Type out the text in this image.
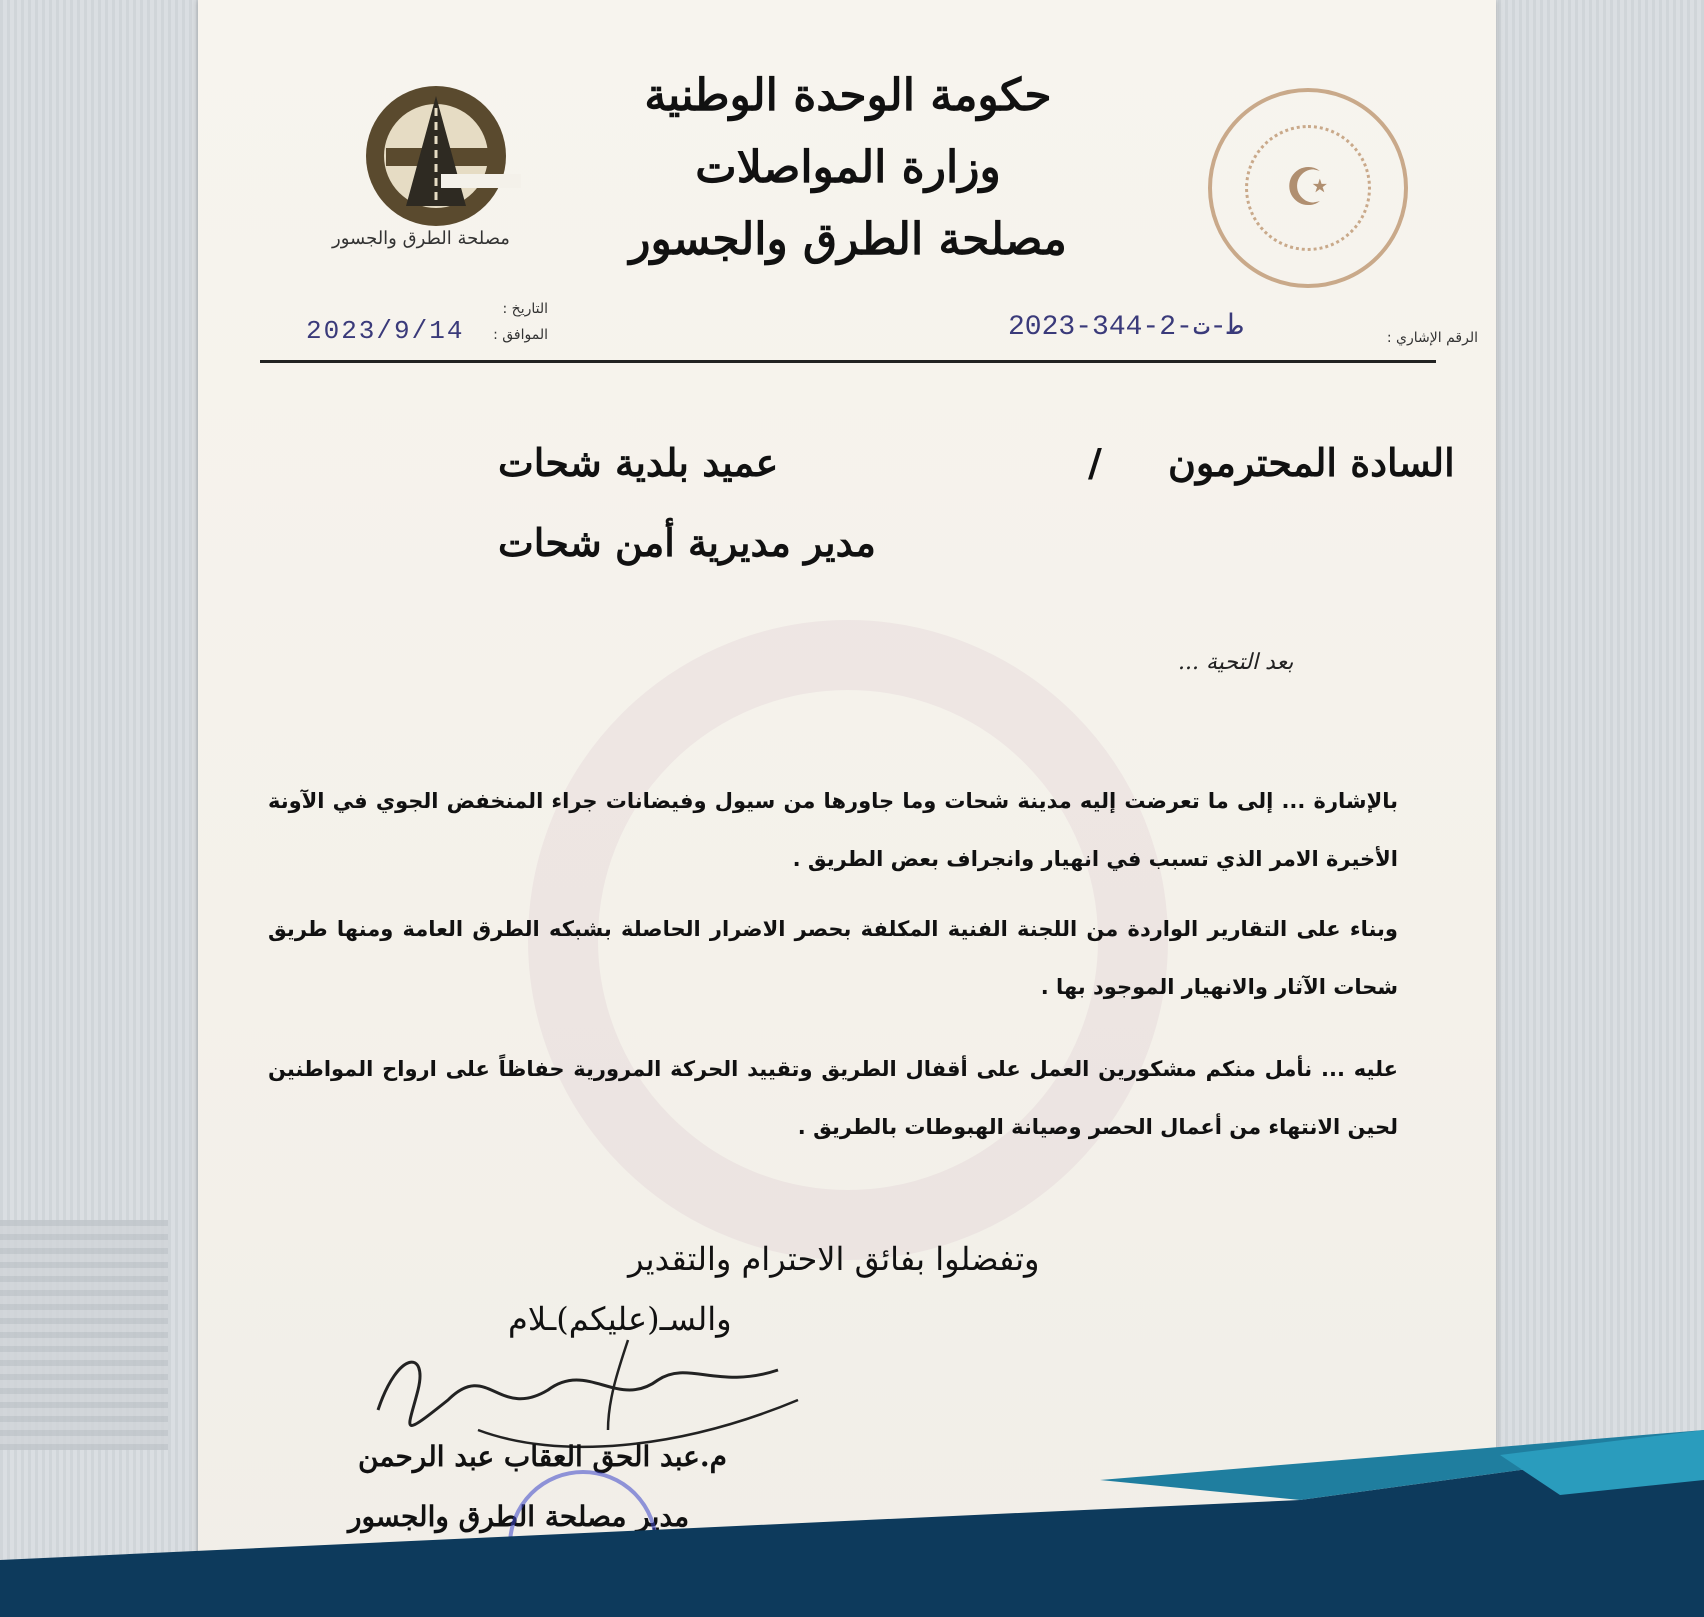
☪
حكومة الوحدة الوطنية
وزارة المواصلات
مصلحة الطرق والجسور
مصلحة الطرق والجسور
الرقم الإشاري :
2023-344-2-ط-ت
التاريخ :
الموافق :
2023/9/14
السادة المحترمون
/
عميد بلدية شحات
مدير مديرية أمن شحات
بعد التحية ...
بالإشارة ... إلى ما تعرضت إليه مدينة شحات وما جاورها من سيول وفيضانات جراء المنخفض الجوي في الآونة الأخيرة الامر الذي تسبب في انهيار وانجراف بعض الطريق .
وبناء على التقارير الواردة من اللجنة الفنية المكلفة بحصر الاضرار الحاصلة بشبكه الطرق العامة ومنها طريق شحات الآثار والانهيار الموجود بها .
عليه ... نأمل منكم مشكورين العمل على أقفال الطريق وتقييد الحركة المرورية حفاظاً على ارواح المواطنين لحين الانتهاء من أعمال الحصر وصيانة الهبوطات بالطريق .
وتفضلوا بفائق الاحترام والتقدير
والسـ(عليكم)ـلام
م.عبد الحق العقاب عبد الرحمن
مدير مصلحة الطرق والجسور
